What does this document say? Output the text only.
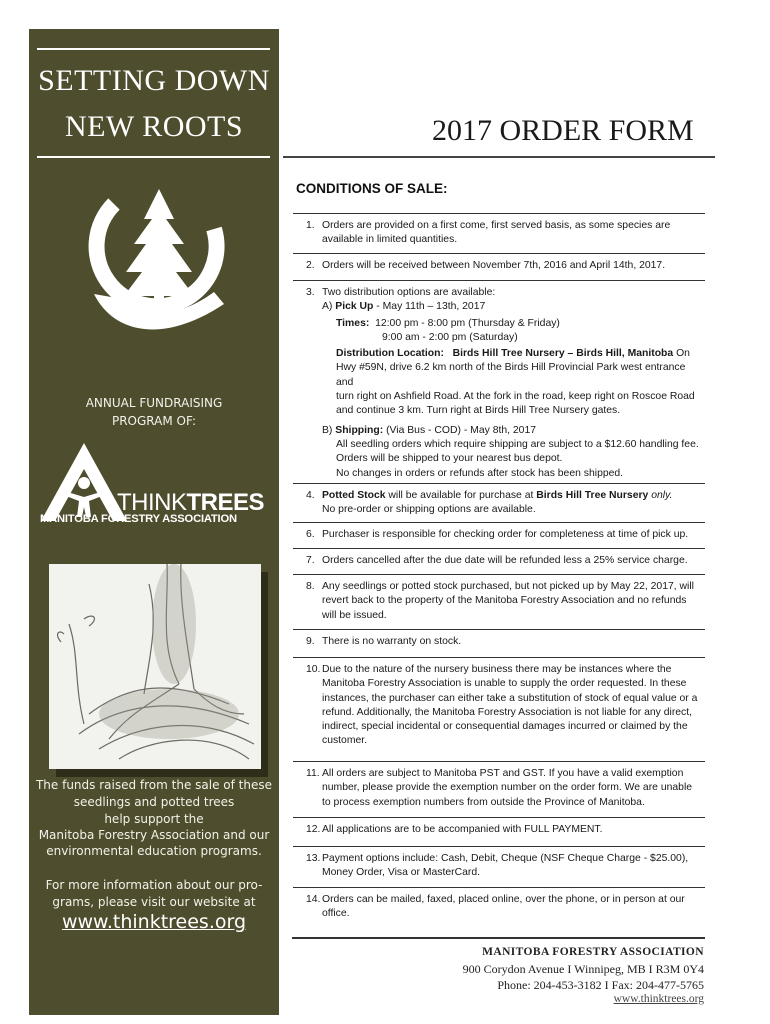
SETTING DOWN
NEW ROOTS
ANNUAL FUNDRAISING
PROGRAM OF:
THINKTREES
MANITOBA FORESTRY ASSOCIATION
The funds raised from the sale of these
seedlings and potted trees
help support the
Manitoba Forestry Association and our
environmental education programs.
For more information about our pro-
grams, please visit our website at
www.thinktrees.org
2017 ORDER FORM
CONDITIONS OF SALE:
1. Orders are provided on a first come, first served basis, as some species are
available in limited quantities.
2. Orders will be received between November 7th, 2016 and April 14th, 2017.
3. Two distribution options are available:
A) Pick Up - May 11th – 13th, 2017
Times: 12:00 pm - 8:00 pm (Thursday & Friday)
9:00 am - 2:00 pm (Saturday)
Distribution Location: Birds Hill Tree Nursery – Birds Hill, Manitoba On
Hwy #59N, drive 6.2 km north of the Birds Hill Provincial Park west entrance and
turn right on Ashfield Road. At the fork in the road, keep right on Roscoe Road
and continue 3 km. Turn right at Birds Hill Tree Nursery gates.
B) Shipping: (Via Bus - COD) - May 8th, 2017
All seedling orders which require shipping are subject to a $12.60 handling fee.
Orders will be shipped to your nearest bus depot.
No changes in orders or refunds after stock has been shipped.
4. Potted Stock will be available for purchase at Birds Hill Tree Nursery only.
No pre-order or shipping options are available.
6. Purchaser is responsible for checking order for completeness at time of pick up.
7. Orders cancelled after the due date will be refunded less a 25% service charge.
8. Any seedlings or potted stock purchased, but not picked up by May 22, 2017, will
revert back to the property of the Manitoba Forestry Association and no refunds
will be issued.
9. There is no warranty on stock.
10. Due to the nature of the nursery business there may be instances where the
Manitoba Forestry Association is unable to supply the order requested. In these
instances, the purchaser can either take a substitution of stock of equal value or a
refund. Additionally, the Manitoba Forestry Association is not liable for any direct,
indirect, special incidental or consequential damages incurred or claimed by the
customer.
11. All orders are subject to Manitoba PST and GST. If you have a valid exemption
number, please provide the exemption number on the order form. We are unable
to process exemption numbers from outside the Province of Manitoba.
12. All applications are to be accompanied with FULL PAYMENT.
13. Payment options include: Cash, Debit, Cheque (NSF Cheque Charge - $25.00),
Money Order, Visa or MasterCard.
14. Orders can be mailed, faxed, placed online, over the phone, or in person at our
office.
MANITOBA FORESTRY ASSOCIATION
900 Corydon Avenue I Winnipeg, MB I R3M 0Y4
Phone: 204-453-3182 I Fax: 204-477-5765
www.thinktrees.org
